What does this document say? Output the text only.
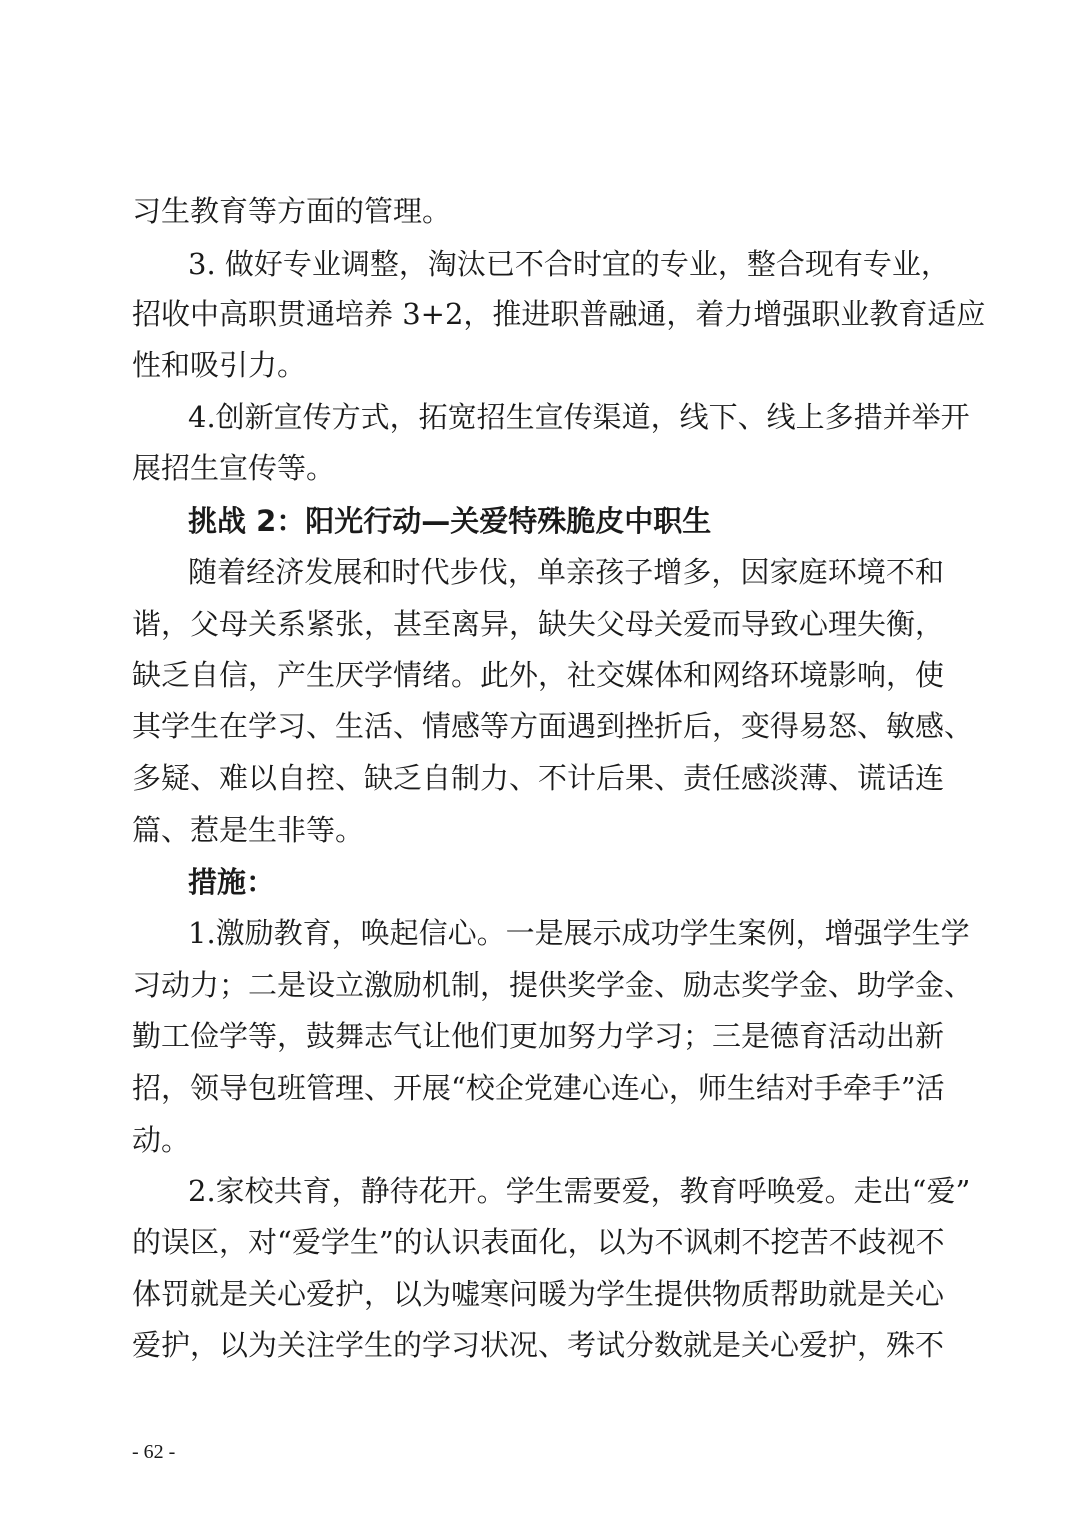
习生教育等方面的管理。
3. 做好专业调整，淘汰已不合时宜的专业，整合现有专业，
招收中高职贯通培养 3+2，推进职普融通，着力增强职业教育适应
性和吸引力。
4.创新宣传方式，拓宽招生宣传渠道，线下、线上多措并举开
展招生宣传等。
挑战 2：阳光行动—关爱特殊脆皮中职生
随着经济发展和时代步伐，单亲孩子增多，因家庭环境不和
谐，父母关系紧张，甚至离异，缺失父母关爱而导致心理失衡，
缺乏自信，产生厌学情绪。此外，社交媒体和网络环境影响，使
其学生在学习、生活、情感等方面遇到挫折后，变得易怒、敏感、
多疑、难以自控、缺乏自制力、不计后果、责任感淡薄、谎话连
篇、惹是生非等。
措施：
1.激励教育，唤起信心。一是展示成功学生案例，增强学生学
习动力；二是设立激励机制，提供奖学金、励志奖学金、助学金、
勤工俭学等，鼓舞志气让他们更加努力学习；三是德育活动出新
招，领导包班管理、开展“校企党建心连心，师生结对手牵手”活
动。
2.家校共育，静待花开。学生需要爱，教育呼唤爱。走出“爱”
的误区，对“爱学生”的认识表面化，以为不讽刺不挖苦不歧视不
体罚就是关心爱护，以为嘘寒问暖为学生提供物质帮助就是关心
爱护，以为关注学生的学习状况、考试分数就是关心爱护，殊不
- 62 -
